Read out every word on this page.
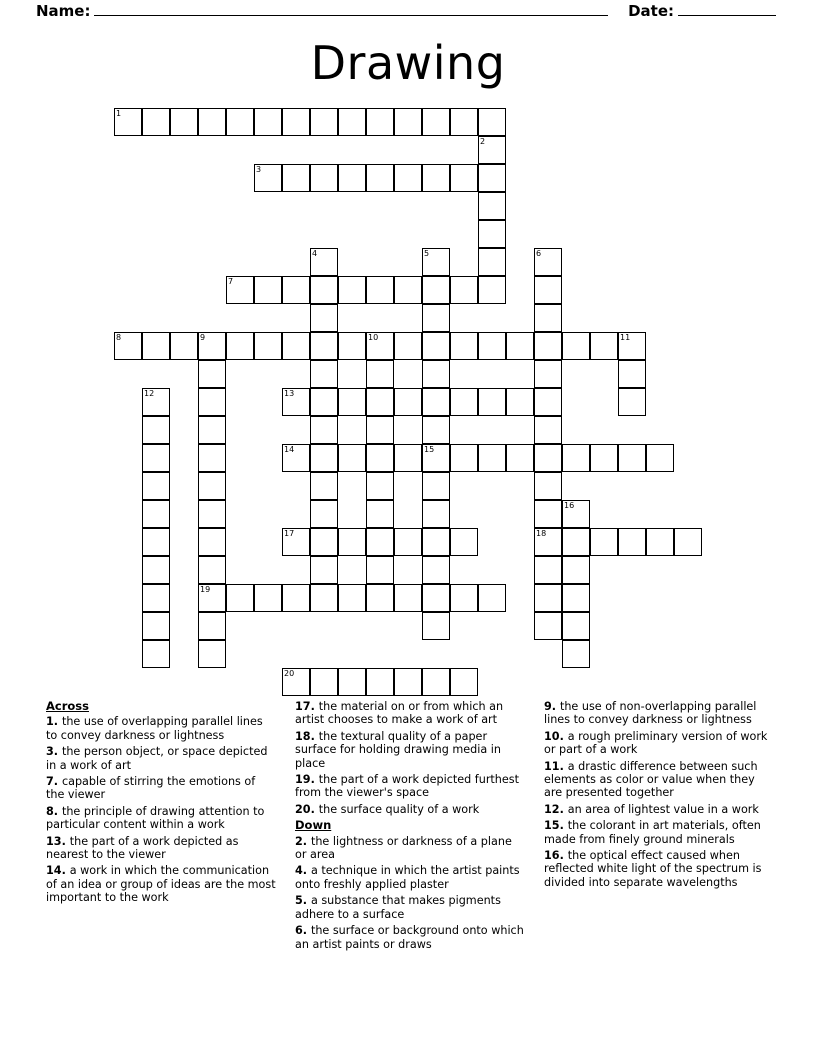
Name:	Date:
Drawing
1
2
3
4	5
15
6
18
7
8	9	10
19
11
12	13
14
16
17
20
Across
1. the use of overlapping parallel lines to convey darkness or lightness
3. the person object, or space depicted in a work of art
7. capable of stirring the emotions of the viewer
8. the principle of drawing attention to particular content within a work
13. the part of a work depicted as nearest to the viewer
14. a work in which the communication of an idea or group of ideas are the most important to the work
17. the material on or from which an artist chooses to make a work of art
18. the textural quality of a paper surface for holding drawing media in place
19. the part of a work depicted furthest from the viewer's space
20. the surface quality of a work
Down
2. the lightness or darkness of a plane or area
4. a technique in which the artist paints onto freshly applied plaster
5. a substance that makes pigments adhere to a surface
6. the surface or background onto which an artist paints or draws
9. the use of non-overlapping parallel lines to convey darkness or lightness
10. a rough preliminary version of work or part of a work
11. a drastic difference between such elements as color or value when they are presented together
12. an area of lightest value in a work
15. the colorant in art materials, often made from finely ground minerals
16. the optical effect caused when reflected white light of the spectrum is divided into separate wavelengths
